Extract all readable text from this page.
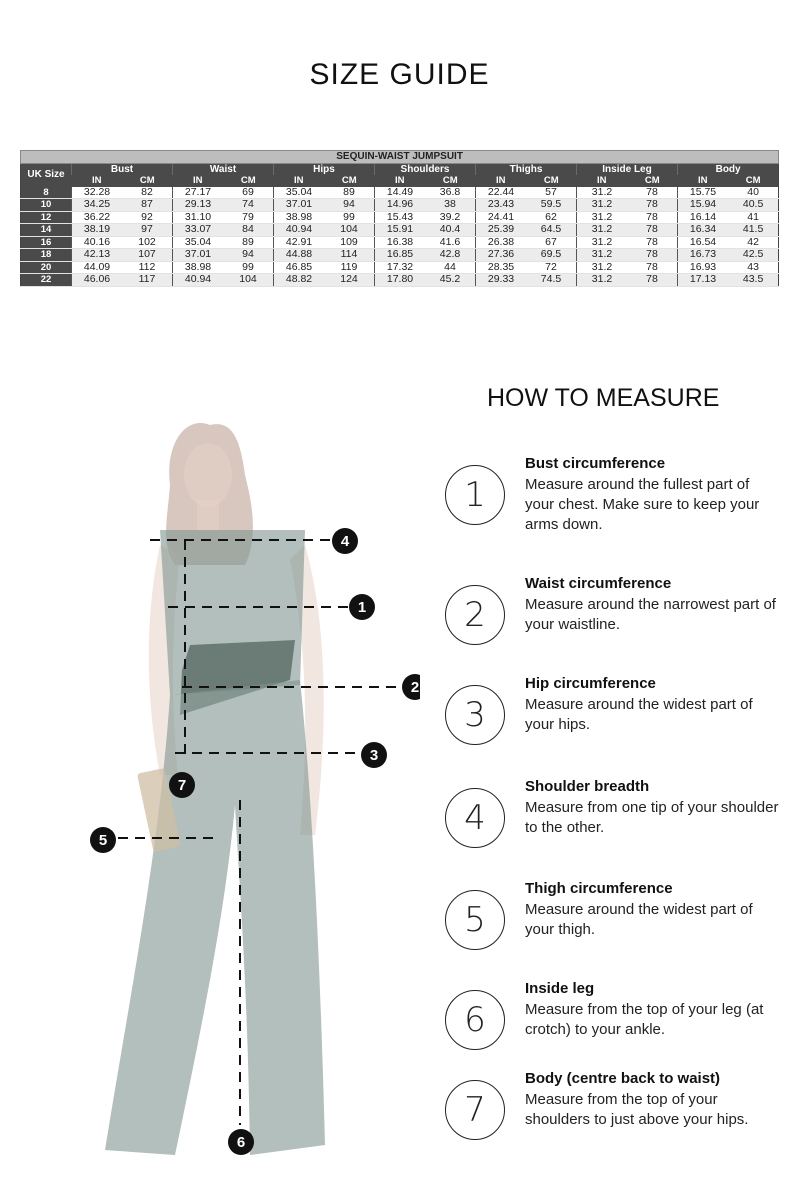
SIZE GUIDE
SEQUIN-WAIST JUMPSUIT														
UK Size	Bust		Waist		Hips		Shoulders		Thighs		Inside Leg		Body	
	IN	CM	IN	CM	IN	CM	IN	CM	IN	CM	IN	CM	IN	CM
8	32.28	82	27.17	69	35.04	89	14.49	36.8	22.44	57	31.2	78	15.75	40
10	34.25	87	29.13	74	37.01	94	14.96	38	23.43	59.5	31.2	78	15.94	40.5
12	36.22	92	31.10	79	38.98	99	15.43	39.2	24.41	62	31.2	78	16.14	41
14	38.19	97	33.07	84	40.94	104	15.91	40.4	25.39	64.5	31.2	78	16.34	41.5
16	40.16	102	35.04	89	42.91	109	16.38	41.6	26.38	67	31.2	78	16.54	42
18	42.13	107	37.01	94	44.88	114	16.85	42.8	27.36	69.5	31.2	78	16.73	42.5
20	44.09	112	38.98	99	46.85	119	17.32	44	28.35	72	31.2	78	16.93	43
22	46.06	117	40.94	104	48.82	124	17.80	45.2	29.33	74.5	31.2	78	17.13	43.5
4
1
2
3
7
5
6
HOW TO MEASURE
1
Bust circumference
Measure around the fullest part of your chest. Make sure to keep your arms down.
2
Waist circumference
Measure around the narrowest part of your waistline.
3
Hip circumference
Measure around the widest part of your hips.
4
Shoulder breadth
Measure from one tip of your shoulder to the other.
5
Thigh circumference
Measure around the widest part of your thigh.
6
Inside leg
Measure from the top of your leg (at crotch) to your ankle.
7
Body (centre back to waist)
Measure from the top of your shoulders to just above your hips.
